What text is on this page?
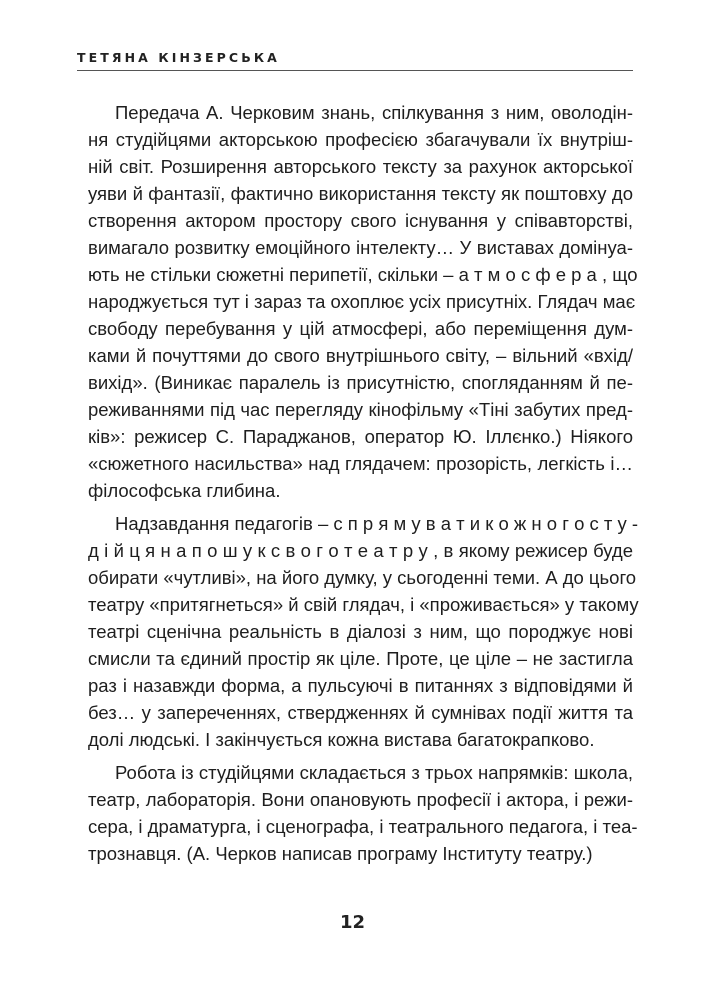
ТЕТЯНА КІНЗЕРСЬКА
Передача А. Черковим знань, спілкування з ним, оволодін-
ня студійцями акторською професією збагачували їх внутріш-
ній світ. Розширення авторського тексту за рахунок акторської
уяви й фантазії, фактично використання тексту як поштовху до
створення актором простору свого існування у співавторстві,
вимагало розвитку емоційного інтелекту… У виставах домінуа-
ють не стільки сюжетні перипетії, скільки – а т м о с ф е р а , що
народжується тут і зараз та охоплює усіх присутніх. Глядач має
свободу перебування у цій атмосфері, або переміщення дум-
ками й почуттями до свого внутрішнього світу, – вільний «вхід/
вихід». (Виникає паралель із присутністю, спогляданням й пе-
реживаннями під час перегляду кінофільму «Тіні забутих пред-
ків»: режисер С. Параджанов, оператор Ю. Іллєнко.) Ніякого
«сюжетного насильства» над глядачем: прозорість, легкість і…
філософська глибина.
Надзавдання педагогів – с п р я м у в а т и к о ж н о г о с т у -
д і й ц я н а п о ш у к с в о г о т е а т р у , в якому режисер буде
обирати «чутливі», на його думку, у сьогоденні теми. А до цього
театру «притягнеться» й свій глядач, і «проживається» у такому
театрі сценічна реальність в діалозі з ним, що породжує нові
смисли та єдиний простір як ціле. Проте, це ціле – не застигла
раз і назавжди форма, а пульсуючі в питаннях з відповідями й
без… у запереченнях, ствердженнях й сумнівах події життя та
долі людські. І закінчується кожна вистава багатокрапково.
Робота із студійцями складається з трьох напрямків: школа,
театр, лабораторія. Вони опановують професії і актора, і режи-
сера, і драматурга, і сценографа, і театрального педагога, і теа-
трознавця. (А. Черков написав програму Інституту театру.)
12
